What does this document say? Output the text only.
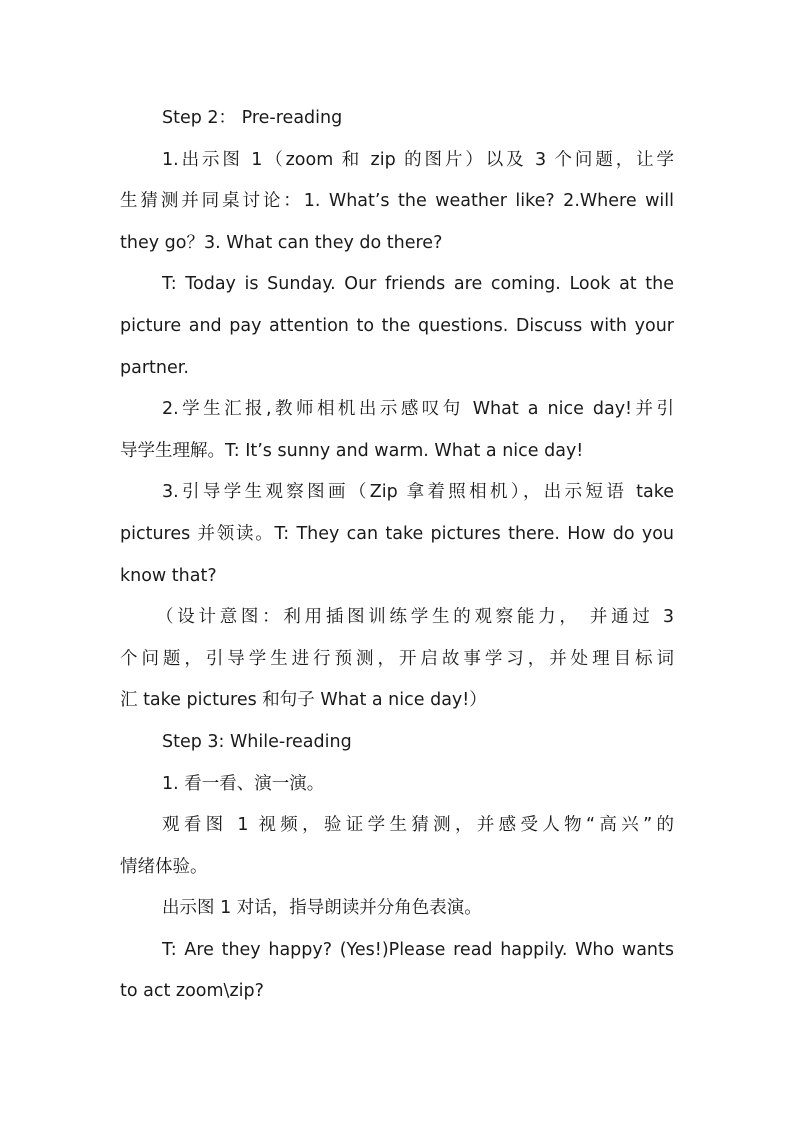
Step 2： Pre-reading
1.出示图 1（zoom 和 zip 的图片）以及 3 个问题，让学
生猜测并同桌讨论：1. What’s the weather like? 2.Where will
they go？3. What can they do there?
T: Today is Sunday. Our friends are coming. Look at the
picture and pay attention to the questions. Discuss with your
partner.
2.学生汇报,教师相机出示感叹句 What a nice day!并引
导学生理解。T: It’s sunny and warm. What a nice day!
3.引导学生观察图画（Zip 拿着照相机），出示短语 take
pictures 并领读。T: They can take pictures there. How do you
know that?
（设计意图：利用插图训练学生的观察能力， 并通过 3
个问题，引导学生进行预测，开启故事学习，并处理目标词
汇 take pictures 和句子 What a nice day!）
Step 3: While-reading
1. 看一看、演一演。
观看图 1 视频，验证学生猜测，并感受人物“高兴”的
情绪体验。
出示图 1 对话，指导朗读并分角色表演。
T: Are they happy? (Yes!)Please read happily. Who wants
to act zoom\zip?
